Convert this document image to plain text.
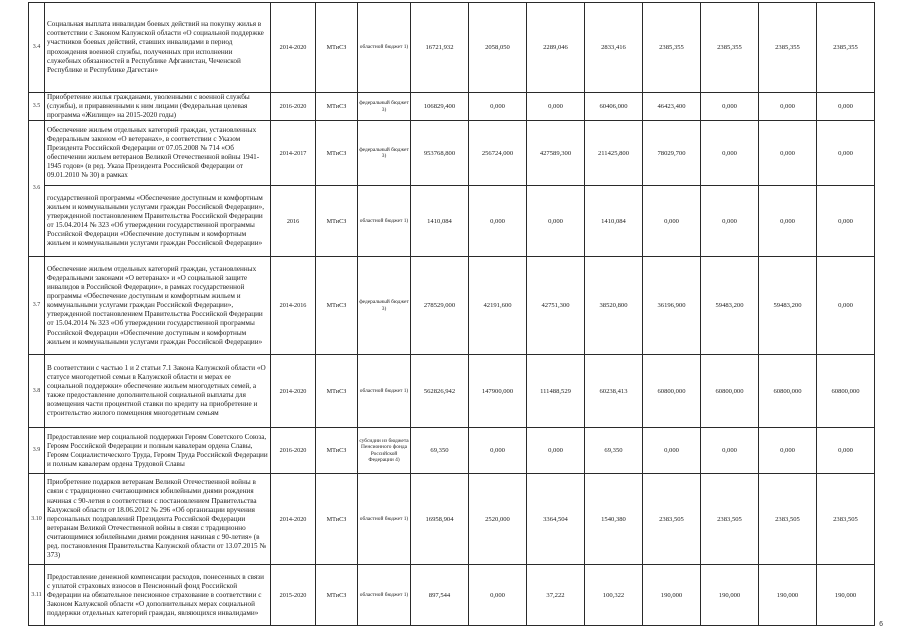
3.4	Социальная выплата инвалидам боевых действий на покупку жилья в соответствии с Законом Калужской области «О социальной поддержке участников боевых действий, ставших инвалидами в период прохождения военной службы, полученных при исполнении служебных обязанностей в Республике Афганистан, Чеченской Республике и Республике Дагестан»	2014-2020	МТиСЗ	областной бюджет 1)	16721,932	2058,050	2289,046	2833,416	2385,355	2385,355	2385,355	2385,355
3.5	Приобретение жилья гражданами, уволенными с военной службы (службы), и приравненными к ним лицами (Федеральная целевая программа «Жилище» на 2015-2020 годы)	2016-2020	МТиСЗ	федеральный бюджет 3)	106829,400	0,000	0,000	60406,000	46423,400	0,000	0,000	0,000
3.6	Обеспечение жильем отдельных категорий граждан, установленных Федеральным законом «О ветеранах», в соответствии с Указом Президента Российской Федерации от 07.05.2008 № 714 «Об обеспечении жильем ветеранов Великой Отечественной войны 1941-1945 годов» (в ред. Указа Президента Российской Федерации от 09.01.2010 № 30) в рамках	2014-2017	МТиСЗ	федеральный бюджет 3)	953768,800	256724,000	427589,300	211425,800	78029,700	0,000	0,000	0,000
	государственной программы «Обеспечение доступным и комфортным жильем и коммунальными услугами граждан Российской Федерации», утвержденной постановлением Правительства Российской Федерации от 15.04.2014 № 323 «Об утверждении государственной программы Российской Федерации «Обеспечение доступным и комфортным жильем и коммунальными услугами граждан Российской Федерации»	2016	МТиСЗ	областной бюджет 1)	1410,084	0,000	0,000	1410,084	0,000	0,000	0,000	0,000
3.7	Обеспечение жильем отдельных категорий граждан, установленных Федеральными законами «О ветеранах» и «О социальной защите инвалидов в Российской Федерации», в рамках государственной программы «Обеспечение доступным и комфортным жильем и коммунальными услугами граждан Российской Федерации», утвержденной постановлением Правительства Российской Федерации от 15.04.2014 № 323 «Об утверждении государственной программы Российской Федерации «Обеспечение доступным и комфортным жильем и коммунальными услугами граждан Российской Федерации»	2014-2016	МТиСЗ	федеральный бюджет 3)	278529,000	42191,600	42751,300	38520,800	36196,900	59483,200	59483,200	0,000
3.8	В соответствии с частью 1 и 2 статьи 7.1 Закона Калужской области «О статусе многодетной семьи в Калужской области и мерах ее социальной поддержки» обеспечение жильем многодетных семей, а также предоставление дополнительной социальной выплаты для возмещения части процентной ставки по кредиту на приобретение и строительство жилого помещения многодетным семьям	2014-2020	МТиСЗ	областной бюджет 1)	562826,942	147900,000	111488,529	60238,413	60800,000	60800,000	60800,000	60800,000
3.9	Предоставление мер социальной поддержки Героям Советского Союза, Героям Российской Федерации и полным кавалерам ордена Славы, Героям Социалистического Труда, Героям Труда Российской Федерации и полным кавалерам ордена Трудовой Славы	2016-2020	МТиСЗ	субсидии из бюджета Пенсионного фонда Российской Федерации 4)	69,350	0,000	0,000	69,350	0,000	0,000	0,000	0,000
3.10	Приобретение подарков ветеранам Великой Отечественной войны в связи с традиционно считающимися юбилейными днями рождения начиная с 90-летия в соответствии с постановлением Правительства Калужской области от 18.06.2012 № 296 «Об организации вручения персональных поздравлений Президента Российской Федерации ветеранам Великой Отечественной войны в связи с традиционно считающимися юбилейными днями рождения начиная с 90-летия» (в ред. постановления Правительства Калужской области от 13.07.2015 № 373)	2014-2020	МТиСЗ	областной бюджет 1)	16958,904	2520,000	3364,504	1540,380	2383,505	2383,505	2383,505	2383,505
3.11	Предоставление денежной компенсации расходов, понесенных в связи с уплатой страховых взносов в Пенсионный фонд Российской Федерации на обязательное пенсионное страхование в соответствии с Законом Калужской области «О дополнительных мерах социальной поддержки отдельных категорий граждан, являющихся инвалидами»	2015-2020	МТиСЗ	областной бюджет 1)	897,544	0,000	37,222	100,322	190,000	190,000	190,000	190,000
6
